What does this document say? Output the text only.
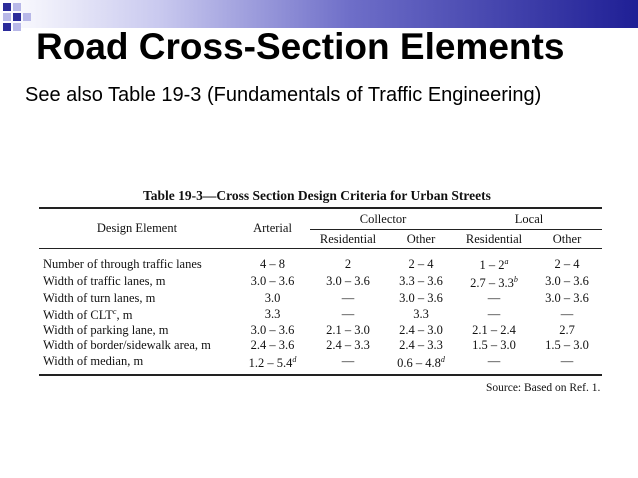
Road Cross-Section Elements

See also Table 19-3 (Fundamentals of Traffic Engineering)

Table 19-3—Cross Section Design Criteria for Urban Streets

Design Element	Arterial	Collector		Local	
		Residential	Other	Residential	Other
Number of through traffic lanes	4 – 8	2	2 – 4	1 – 2$^a$	2 – 4
Width of traffic lanes, m	3.0 – 3.6	3.0 – 3.6	3.3 – 3.6	2.7 – 3.3$^b$	3.0 – 3.6
Width of turn lanes, m	3.0	—	3.0 – 3.6	—	3.0 – 3.6
Width of CLT$^c$, m	3.3	—	3.3	—	—
Width of parking lane, m	3.0 – 3.6	2.1 – 3.0	2.4 – 3.0	2.1 – 2.4	2.7
Width of border/sidewalk area, m	2.4 – 3.6	2.4 – 3.3	2.4 – 3.3	1.5 – 3.0	1.5 – 3.0
Width of median, m	1.2 – 5.4$^d$	—	0.6 – 4.8$^d$	—	—

Source: Based on Ref. 1.
